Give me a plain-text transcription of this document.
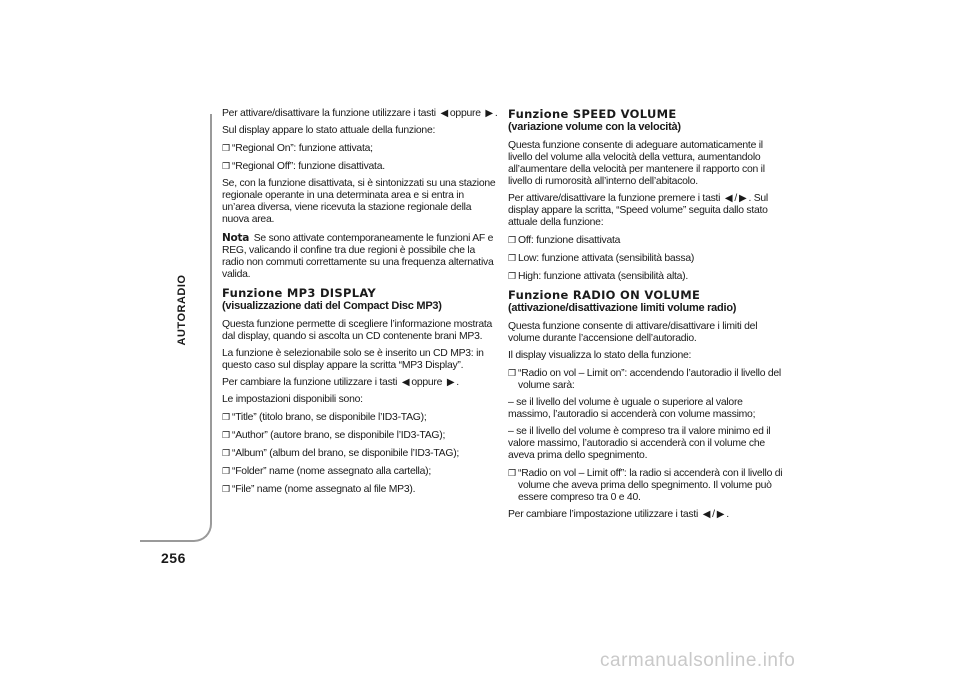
AUTORADIO
256
Per attivare/disattivare la funzione utilizzare i tasti ◀ oppure ▶ .
Sul display appare lo stato attuale della funzione:
❒ “Regional On”: funzione attivata;
❒ “Regional Off”: funzione disattivata.
Se, con la funzione disattivata, si è sintonizzati su una stazione regionale operante in una determinata area e si entra in un’area diversa, viene ricevuta la stazione regionale della nuova area.
Nota Se sono attivate contemporaneamente le funzioni AF e REG, valicando il confine tra due regioni è possibile che la radio non commuti correttamente su una frequenza alternativa valida.
Funzione MP3 DISPLAY
(visualizzazione dati del Compact Disc MP3)
Questa funzione permette di scegliere l’informazione mostrata dal display, quando si ascolta un CD contenente brani MP3.
La funzione è selezionabile solo se è inserito un CD MP3: in questo caso sul display appare la scritta “MP3 Display”.
Per cambiare la funzione utilizzare i tasti ◀ oppure ▶ .
Le impostazioni disponibili sono:
❒ “Title” (titolo brano, se disponibile l’ID3-TAG);
❒ “Author” (autore brano, se disponibile l’ID3-TAG);
❒ “Album” (album del brano, se disponibile l’ID3-TAG);
❒ “Folder” name (nome assegnato alla cartella);
❒ “File” name (nome assegnato al file MP3).
Funzione SPEED VOLUME
(variazione volume con la velocità)
Questa funzione consente di adeguare automaticamente il livello del volume alla velocità della vettura, aumentandolo all’aumentare della velocità per mantenere il rapporto con il livello di rumorosità all’interno dell’abitacolo.
Per attivare/disattivare la funzione premere i tasti ◀ / ▶ . Sul display appare la scritta, “Speed volume” seguita dallo stato attuale della funzione:
❒ Off: funzione disattivata
❒ Low: funzione attivata (sensibilità bassa)
❒ High: funzione attivata (sensibilità alta).
Funzione RADIO ON VOLUME
(attivazione/disattivazione limiti volume radio)
Questa funzione consente di attivare/disattivare i limiti del volume durante l’accensione dell’autoradio.
Il display visualizza lo stato della funzione:
❒ “Radio on vol – Limit on”: accendendo l’autoradio il livello del volume sarà:
– se il livello del volume è uguale o superiore al valore massimo, l’autoradio si accenderà con volume massimo;
– se il livello del volume è compreso tra il valore minimo ed il valore massimo, l’autoradio si accenderà con il volume che aveva prima dello spegnimento.
❒ “Radio on vol – Limit off”: la radio si accenderà con il livello di volume che aveva prima dello spegnimento. Il volume può essere compreso tra 0 e 40.
Per cambiare l’impostazione utilizzare i tasti ◀ / ▶ .
carmanualsonline.info
